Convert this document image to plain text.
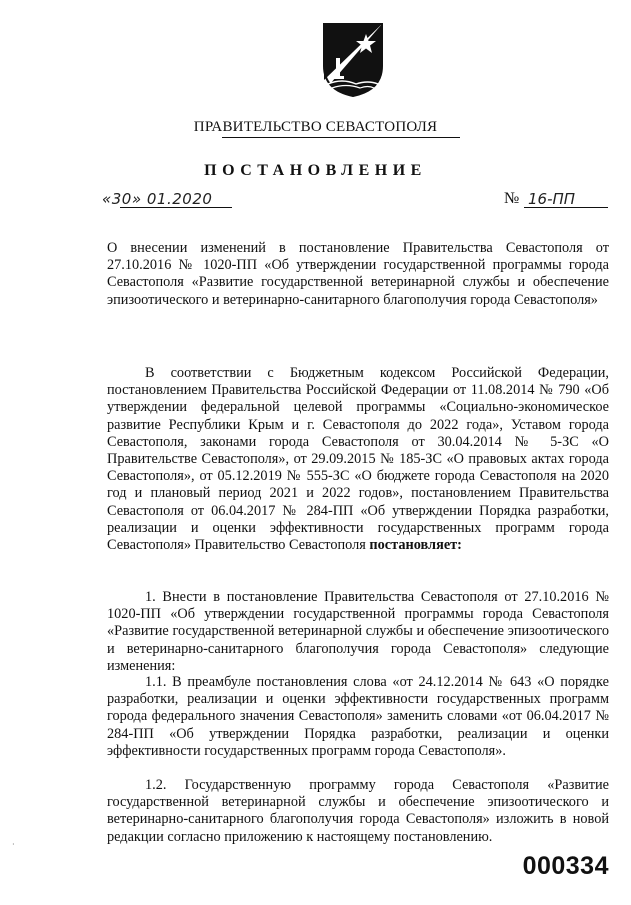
ПРАВИТЕЛЬСТВО СЕВАСТОПОЛЯ
ПОСТАНОВЛЕНИЕ
«30» 01.2020	№ 16-ПП
О внесении изменений в постановление Правительства Севастополя от 27.10.2016 № 1020-ПП «Об утверждении государственной программы города Севастополя «Развитие государственной ветеринарной службы и обеспечение эпизоотического и ветеринарно-санитарного благополучия города Севастополя»
В соответствии с Бюджетным кодексом Российской Федерации, постановлением Правительства Российской Федерации от 11.08.2014 № 790 «Об утверждении федеральной целевой программы «Социально-экономическое развитие Республики Крым и г. Севастополя до 2022 года», Уставом города Севастополя, законами города Севастополя от 30.04.2014 № 5-ЗС «О Правительстве Севастополя», от 29.09.2015 № 185-ЗС «О правовых актах города Севастополя», от 05.12.2019 № 555-ЗС «О бюджете города Севастополя на 2020 год и плановый период 2021 и 2022 годов», постановлением Правительства Севастополя от 06.04.2017 № 284-ПП «Об утверждении Порядка разработки, реализации и оценки эффективности государственных программ города Севастополя» Правительство Севастополя постановляет:
1. Внести в постановление Правительства Севастополя от 27.10.2016 № 1020-ПП «Об утверждении государственной программы города Севастополя «Развитие государственной ветеринарной службы и обеспечение эпизоотического и ветеринарно-санитарного благополучия города Севастополя» следующие изменения:
1.1. В преамбуле постановления слова «от 24.12.2014 № 643 «О порядке разработки, реализации и оценки эффективности государственных программ города федерального значения Севастополя» заменить словами «от 06.04.2017 № 284-ПП «Об утверждении Порядка разработки, реализации и оценки эффективности государственных программ города Севастополя».
1.2. Государственную программу города Севастополя «Развитие государственной ветеринарной службы и обеспечение эпизоотического и ветеринарно-санитарного благополучия города Севастополя» изложить в новой редакции согласно приложению к настоящему постановлению.
·
000334
